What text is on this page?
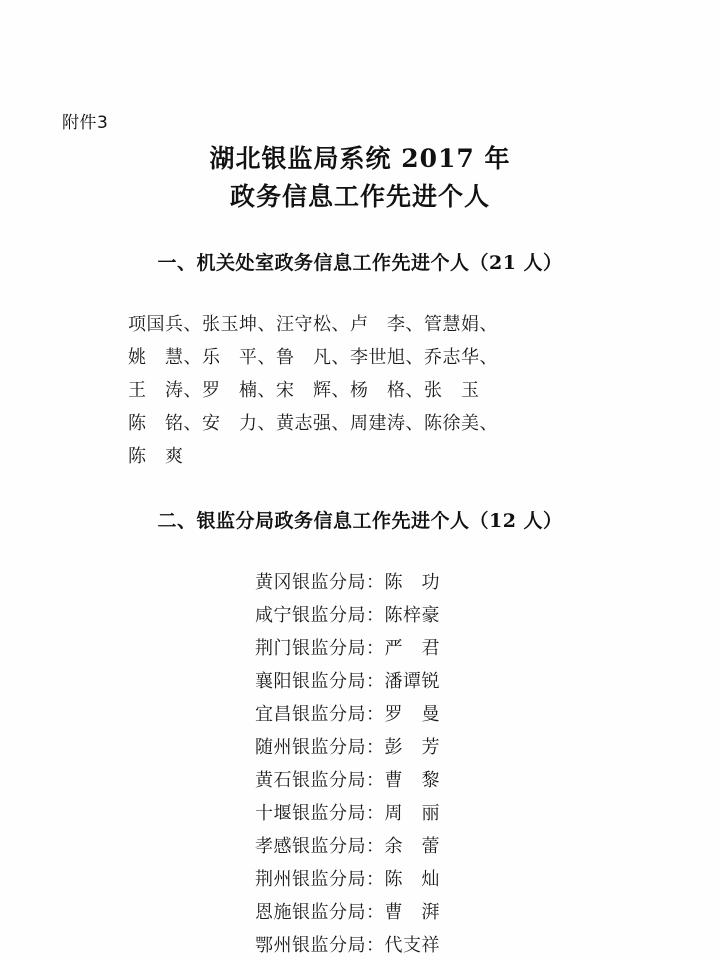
附件3
湖北银监局系统 2017 年
政务信息工作先进个人
一、机关处室政务信息工作先进个人（21 人）
项国兵、张玉坤、汪守松、卢　李、管慧娟、
姚　慧、乐　平、鲁　凡、李世旭、乔志华、
王　涛、罗　楠、宋　辉、杨　格、张　玉
陈　铭、安　力、黄志强、周建涛、陈徐美、
陈　爽
二、银监分局政务信息工作先进个人（12 人）
黄冈银监分局：陈　功
咸宁银监分局：陈梓豪
荆门银监分局：严　君
襄阳银监分局：潘谭锐
宜昌银监分局：罗　曼
随州银监分局：彭　芳
黄石银监分局：曹　黎
十堰银监分局：周　丽
孝感银监分局：余　蕾
荆州银监分局：陈　灿
恩施银监分局：曹　湃
鄂州银监分局：代支祥
